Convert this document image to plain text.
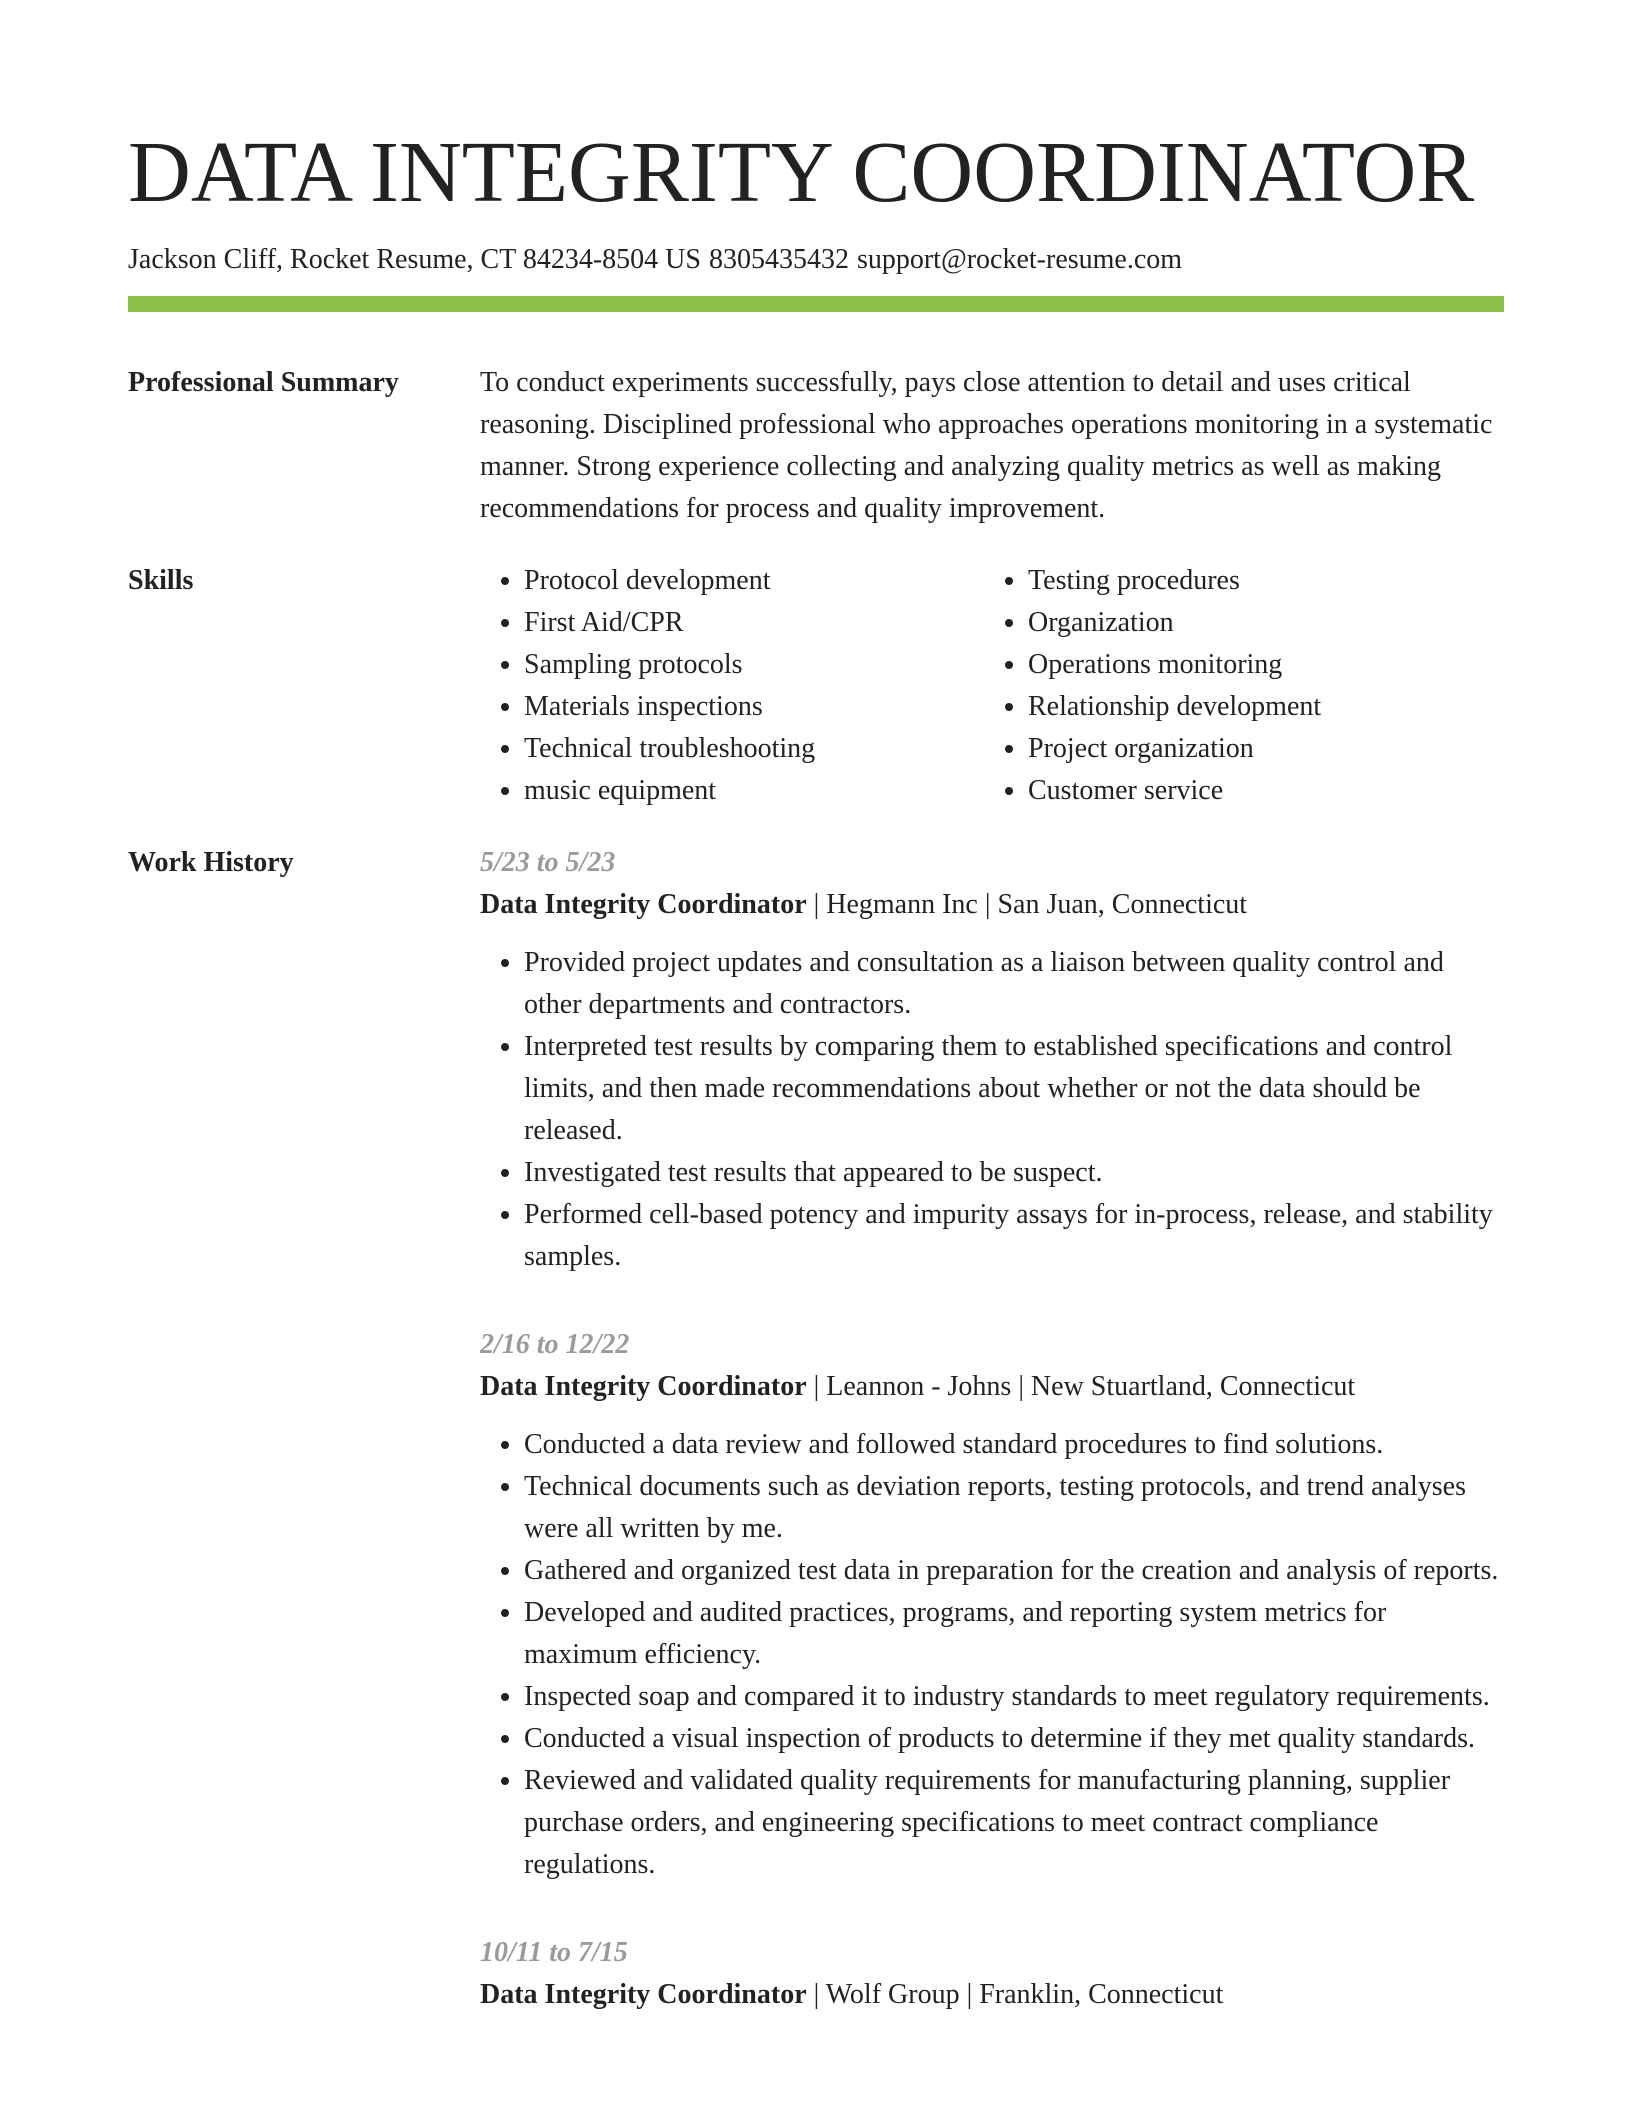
DATA INTEGRITY COORDINATOR
Jackson Cliff, Rocket Resume, CT 84234-8504 US 8305435432 support@rocket-resume.com
Professional Summary	To conduct experiments successfully, pays close attention to detail and uses critical reasoning. Disciplined professional who approaches operations monitoring in a systematic manner. Strong experience collecting and analyzing quality metrics as well as making recommendations for process and quality improvement.

Skills
•	Protocol development
• First Aid/CPR
• Sampling protocols
• Materials inspections
• Technical troubleshooting
• music equipment
• Testing procedures
• Organization
• Operations monitoring
• Relationship development
• Project organization
• Customer service
Work History	5/23 to 5/23
Data Integrity Coordinator | Hegmann Inc | San Juan, Connecticut
• Provided project updates and consultation as a liaison between quality control and other departments and contractors.
• Interpreted test results by comparing them to established specifications and control limits, and then made recommendations about whether or not the data should be released.
• Investigated test results that appeared to be suspect.
• Performed cell-based potency and impurity assays for in-process, release, and stability samples.
2/16 to 12/22
Data Integrity Coordinator | Leannon - Johns | New Stuartland, Connecticut
• Conducted a data review and followed standard procedures to find solutions.
• Technical documents such as deviation reports, testing protocols, and trend analyses were all written by me.
• Gathered and organized test data in preparation for the creation and analysis of reports.
• Developed and audited practices, programs, and reporting system metrics for maximum efficiency.
• Inspected soap and compared it to industry standards to meet regulatory requirements.
• Conducted a visual inspection of products to determine if they met quality standards.
• Reviewed and validated quality requirements for manufacturing planning, supplier purchase orders, and engineering specifications to meet contract compliance regulations.
10/11 to 7/15
Data Integrity Coordinator | Wolf Group | Franklin, Connecticut
